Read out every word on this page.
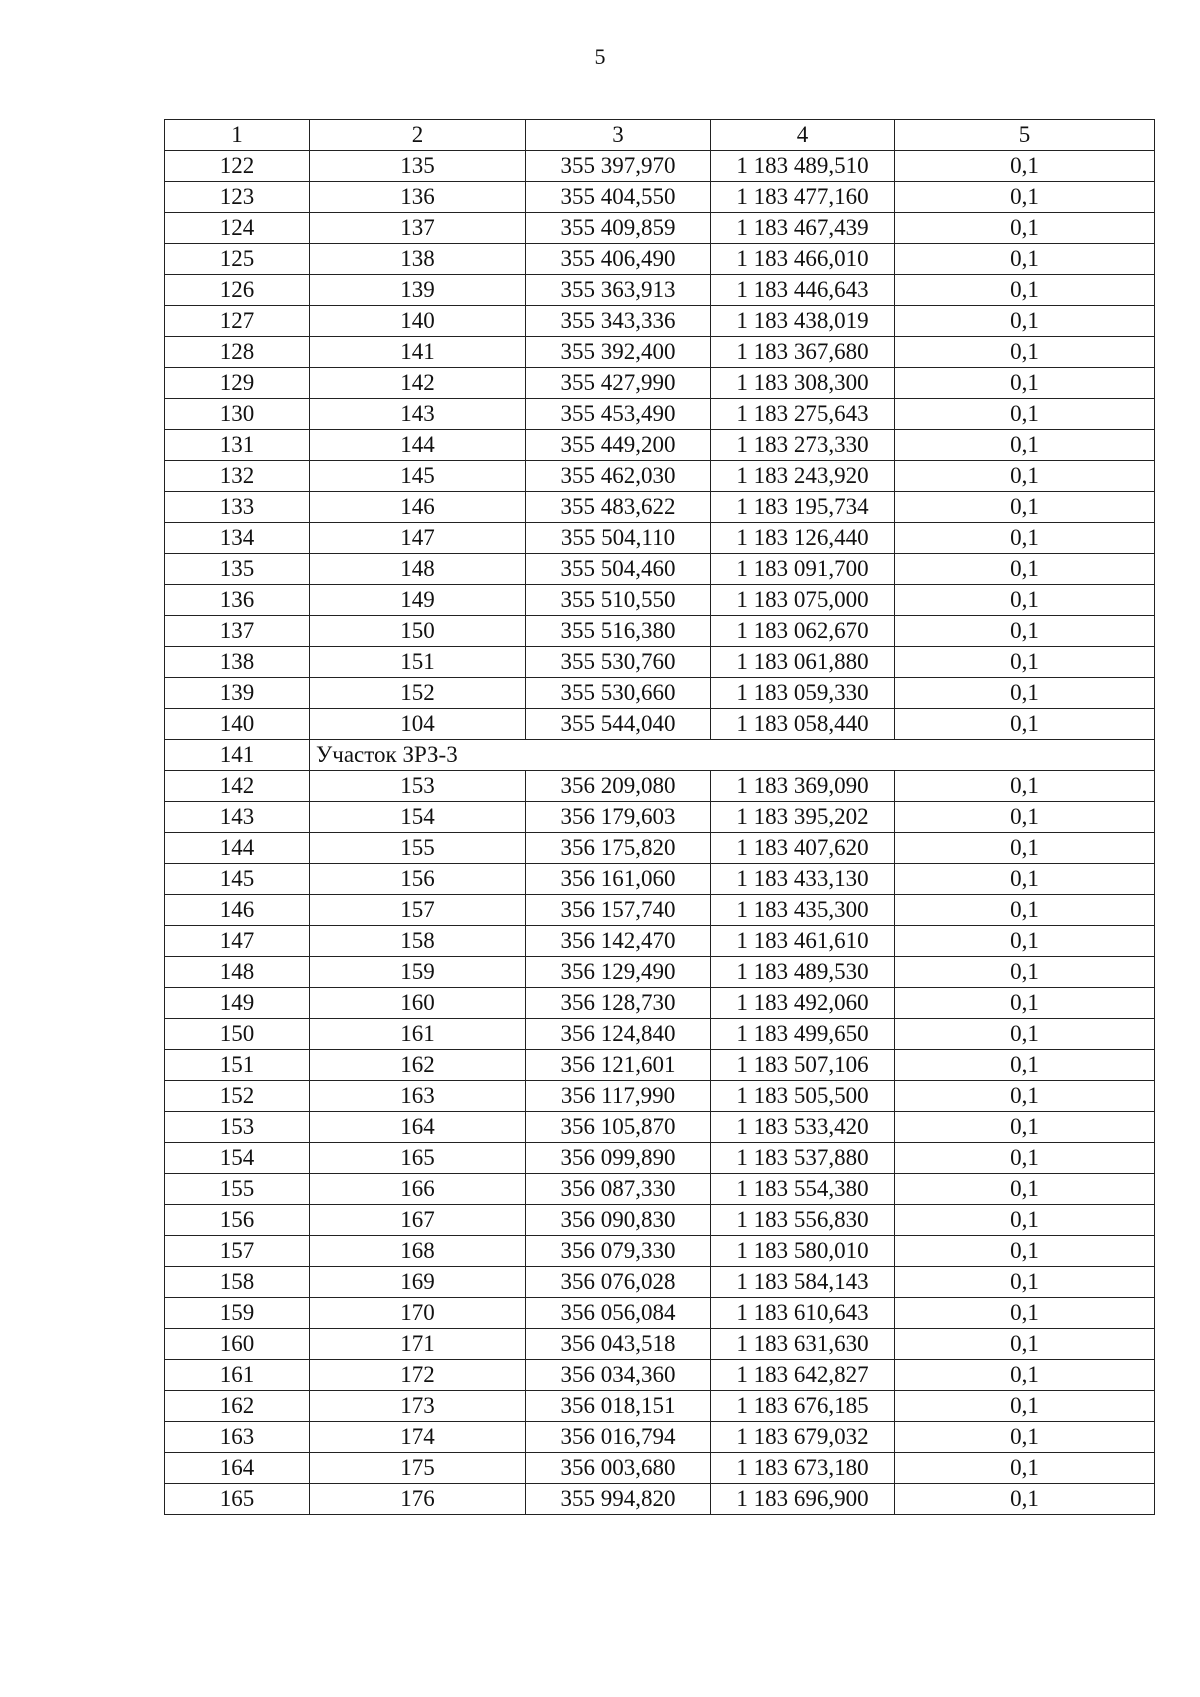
5
1	2	3	4	5
122	135	355 397,970	1 183 489,510	0,1
123	136	355 404,550	1 183 477,160	0,1
124	137	355 409,859	1 183 467,439	0,1
125	138	355 406,490	1 183 466,010	0,1
126	139	355 363,913	1 183 446,643	0,1
127	140	355 343,336	1 183 438,019	0,1
128	141	355 392,400	1 183 367,680	0,1
129	142	355 427,990	1 183 308,300	0,1
130	143	355 453,490	1 183 275,643	0,1
131	144	355 449,200	1 183 273,330	0,1
132	145	355 462,030	1 183 243,920	0,1
133	146	355 483,622	1 183 195,734	0,1
134	147	355 504,110	1 183 126,440	0,1
135	148	355 504,460	1 183 091,700	0,1
136	149	355 510,550	1 183 075,000	0,1
137	150	355 516,380	1 183 062,670	0,1
138	151	355 530,760	1 183 061,880	0,1
139	152	355 530,660	1 183 059,330	0,1
140	104	355 544,040	1 183 058,440	0,1
141	Участок ЗРЗ-3			
142	153	356 209,080	1 183 369,090	0,1
143	154	356 179,603	1 183 395,202	0,1
144	155	356 175,820	1 183 407,620	0,1
145	156	356 161,060	1 183 433,130	0,1
146	157	356 157,740	1 183 435,300	0,1
147	158	356 142,470	1 183 461,610	0,1
148	159	356 129,490	1 183 489,530	0,1
149	160	356 128,730	1 183 492,060	0,1
150	161	356 124,840	1 183 499,650	0,1
151	162	356 121,601	1 183 507,106	0,1
152	163	356 117,990	1 183 505,500	0,1
153	164	356 105,870	1 183 533,420	0,1
154	165	356 099,890	1 183 537,880	0,1
155	166	356 087,330	1 183 554,380	0,1
156	167	356 090,830	1 183 556,830	0,1
157	168	356 079,330	1 183 580,010	0,1
158	169	356 076,028	1 183 584,143	0,1
159	170	356 056,084	1 183 610,643	0,1
160	171	356 043,518	1 183 631,630	0,1
161	172	356 034,360	1 183 642,827	0,1
162	173	356 018,151	1 183 676,185	0,1
163	174	356 016,794	1 183 679,032	0,1
164	175	356 003,680	1 183 673,180	0,1
165	176	355 994,820	1 183 696,900	0,1
